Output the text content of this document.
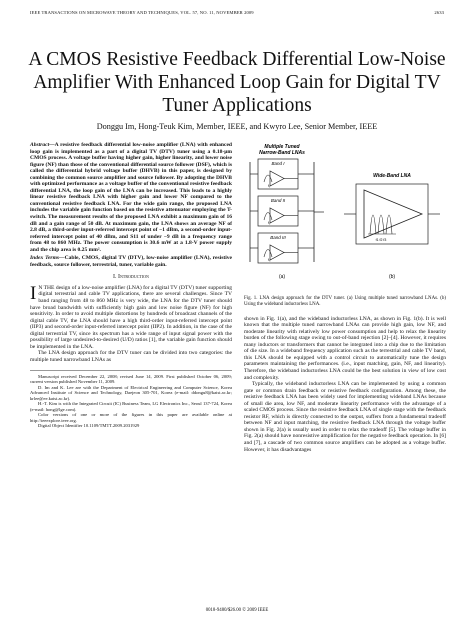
IEEE TRANSACTIONS ON MICROWAVE THEORY AND TECHNIQUES, VOL. 57, NO. 11, NOVEMBER 2009	2633
A CMOS Resistive Feedback Differential Low-Noise Amplifier With Enhanced Loop Gain for Digital TV Tuner Applications
Donggu Im, Hong-Teuk Kim, Member, IEEE, and Kwyro Lee, Senior Member, IEEE

Abstract—A resistive feedback differential low-noise amplifier (LNA) with enhanced loop gain is implemented as a part of a digital TV (DTV) tuner using a 0.18-μm CMOS process. A voltage buffer having higher gain, higher linearity, and lower noise figure (NF) than those of the conventional differential source follower (DSF), which is called the differential hybrid voltage buffer (DHVB) in this paper, is designed by combining the common source amplifier and source follower. By adopting the DHVB with optimized performance as a voltage buffer of the conventional resistive feedback differential LNA, the loop gain of the LNA can be increased. This leads to a highly linear resistive feedback LNA with higher gain and lower NF compared to the conventional resistive feedback LNA. For the wide gain range, the proposed LNA includes the variable gain function based on the resistive attenuator employing the T-switch. The measurement results of the proposed LNA exhibit a maximum gain of 16 dB and a gain range of 50 dB. At maximum gain, the LNA shows an average NF of 2.8 dB, a third-order input-referred intercept point of −1 dBm, a second-order input-referred intercept point of 40 dBm, and S11 of under −9 dB in a frequency range from 48 to 860 MHz. The power consumption is 30.6 mW at a 1.8-V power supply and the chip area is 0.25 mm².

Index Terms—Cable, CMOS, digital TV (DTV), low-noise amplifier (LNA), resistive feedback, source follower, terrestrial, tuner, variable gain.

I. Introduction

I N THE design of a low-noise amplifier (LNA) for a digital TV (DTV) tuner supporting digital terrestrial and cable TV applications, there are several challenges. Since TV band ranging from 48 to 860 MHz is very wide, the LNA for the DTV tuner should have broad bandwidth with sufficiently high gain and low noise figure (NF) for high sensitivity. In order to avoid multiple distortions by hundreds of broadcast channels of the digital cable TV, the LNA should have a high third-order input-referred intercept point (IIP3) and second-order input-referred intercept point (IIP2). In addition, in the case of the digital terrestrial TV, since its spectrum has a wide range of input signal power with the possibility of large undesired-to-desired (U/D) ratios [1], the variable gain function should be implemented in the LNA.

The LNA design approach for the DTV tuner can be divided into two categories: the multiple tuned narrowband LNAs as

Manuscript received December 22, 2008; revised June 14, 2009. First published October 06, 2009; current version published November 11, 2009.

D. Im and K. Lee are with the Department of Electrical Engineering and Computer Science, Korea Advanced Institute of Science and Technology, Daejeon 305-701, Korea (e-mail: ddongu8@kaist.ac.kr; krlee@ee.kaist.ac.kr).

H.-T. Kim is with the Integrated Circuit (IC) Business Team, LG Electronics Inc., Seoul 137-724, Korea (e-mail: hong@lge.com).

Color versions of one or more of the figures in this paper are available online at http://ieeexplore.ieee.org.

Digital Object Identifier 10.1109/TMTT.2009.2031929

Multiple Tuned Narrow-Band LNAs
Band I
f₁
Band II
f₂
Band III
f₃
(a)
Wide-Band LNA
f1 f2 f3
(b)

Fig. 1. LNA design approach for the DTV tuner. (a) Using multiple tuned narrowband LNAs. (b) Using the wideband inductorless LNA.

shown in Fig. 1(a), and the wideband inductorless LNA, as shown in Fig. 1(b). It is well known that the multiple tuned narrowband LNAs can provide high gain, low NF, and moderate linearity with relatively low power consumption and help to relax the linearity burden of the following stage owing to out-of-band rejection [2]–[4]. However, it requires many inductors or transformers that cannot be integrated into a chip due to the limitation of die size. In a wideband frequency application such as the terrestrial and cable TV band, this LNA should be equipped with a control circuit to automatically tune the design parameters maintaining the performances. (i.e., input matching, gain, NF, and linearity). Therefore, the wideband inductorless LNA could be the best solution in view of low cost and complexity.

Typically, the wideband inductorless LNA can be implemented by using a common gate or common drain feedback or resistive feedback configuration. Among these, the resistive feedback LNA has been widely used for implementing wideband LNAs because of small die area, low NF, and moderate linearity performance with the advantage of a scaled CMOS process. Since the resistive feedback LNA of single stage with the feedback resistor RF, which is directly connected to the output, suffers from a fundamental tradeoff between NF and input matching, the resistive feedback LNA through the voltage buffer shown in Fig. 2(a) is usually used in order to relax the tradeoff [5]. The voltage buffer in Fig. 2(a) should have nonresistive amplification for the negative feedback operation. In [6] and [7], a cascade of two common source amplifiers can be adopted as a voltage buffer. However, it has disadvantages

0018-9480/$26.00 © 2009 IEEE
